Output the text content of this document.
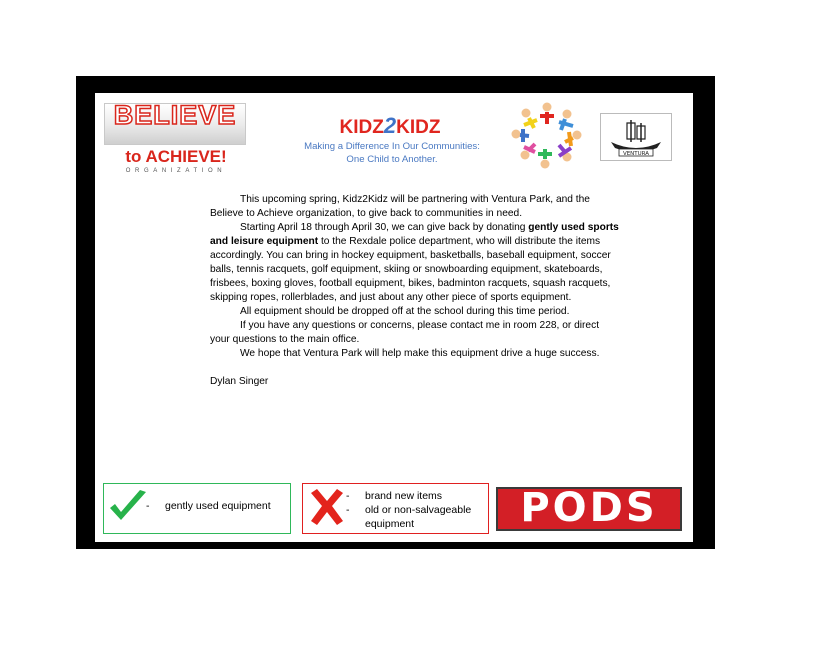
BELIEVE
to ACHIEVE!
ORGANIZATION
KIDZ2KIDZ
Making a Difference In Our Communities:
One Child to Another.	VENTURA

This upcoming spring, Kidz2Kidz will be partnering with Ventura Park, and the Believe to Achieve organization, to give back to communities in need.

Starting April 18 through April 30, we can give back by donating gently used sports and leisure equipment to the Rexdale police department, who will distribute the items accordingly. You can bring in hockey equipment, basketballs, baseball equipment, soccer balls, tennis racquets, golf equipment, skiing or snowboarding equipment, skateboards, frisbees, boxing gloves, football equipment, bikes, badminton racquets, squash racquets, skipping ropes, rollerblades, and just about any other piece of sports equipment.

All equipment should be dropped off at the school during this time period.

If you have any questions or concerns, please contact me in room 228, or direct your questions to the main office.

We hope that Ventura Park will help make this equipment drive a huge success.

Dylan Singer

- gently used equipment
- brand new items
- old or non-salvageable equipment	PODS
